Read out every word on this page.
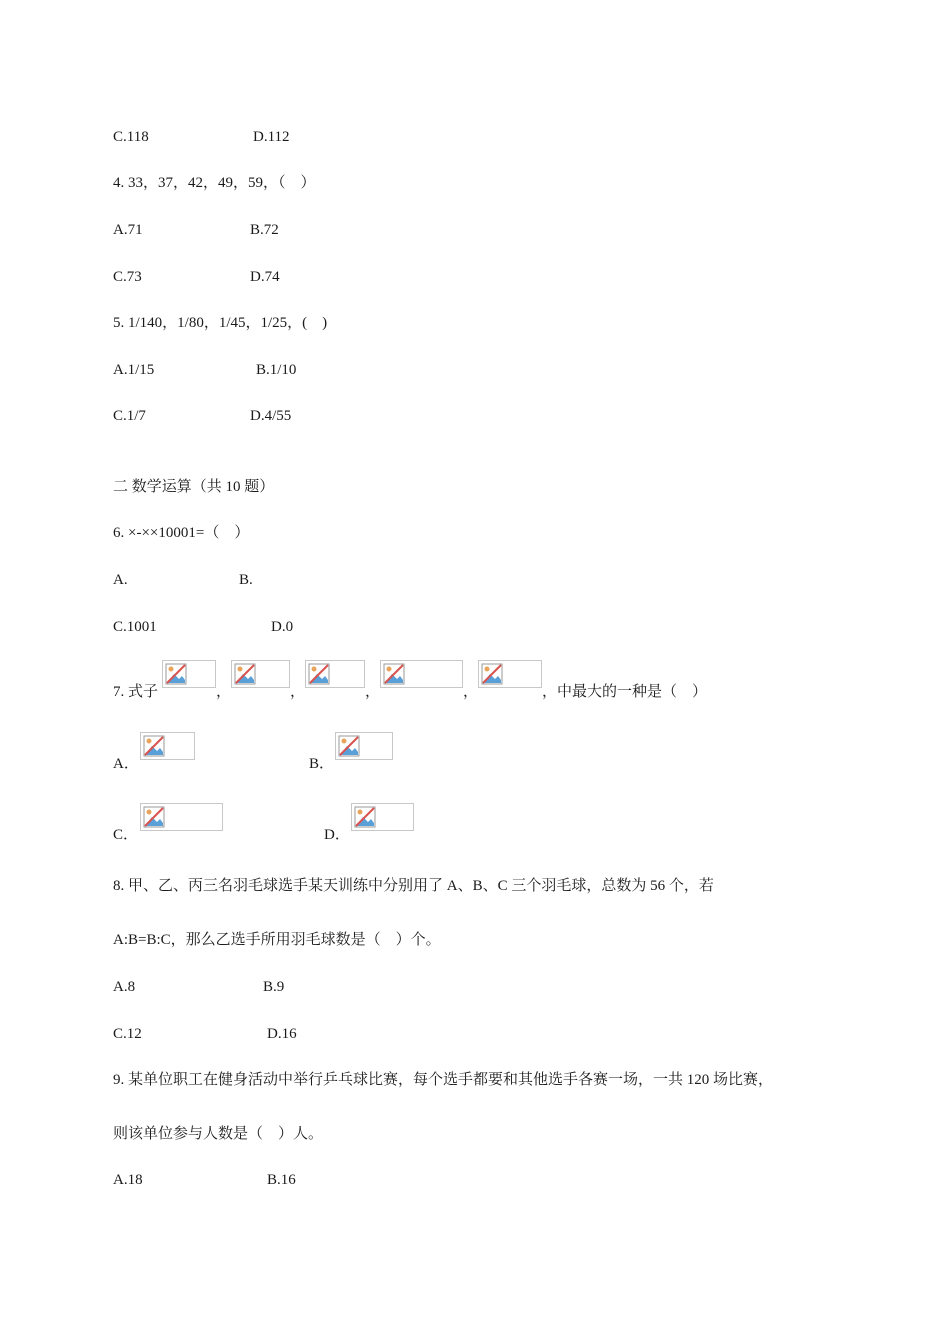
C.118	D.112
4. 33，37，42，49，59，（　）
A.71	B.72
C.73	D.74
5. 1/140，1/80，1/45，1/25，(　)
A.1/15	B.1/10
C.1/7	D.4/55
二 数学运算（共 10 题）
6. ×-××10001=（　）
A.	B.
C.1001	D.0
7. 式子	，	，	，	，	，中最大的一种是（　）
A．	B．
C．	D．
8. 甲、乙、丙三名羽毛球选手某天训练中分别用了 A、B、C 三个羽毛球，总数为 56 个，若
A:B=B:C，那么乙选手所用羽毛球数是（　）个。
A.8	B.9
C.12	D.16
9. 某单位职工在健身活动中举行乒乓球比赛，每个选手都要和其他选手各赛一场，一共 120 场比赛，
则该单位参与人数是（　）人。
A.18	B.16
